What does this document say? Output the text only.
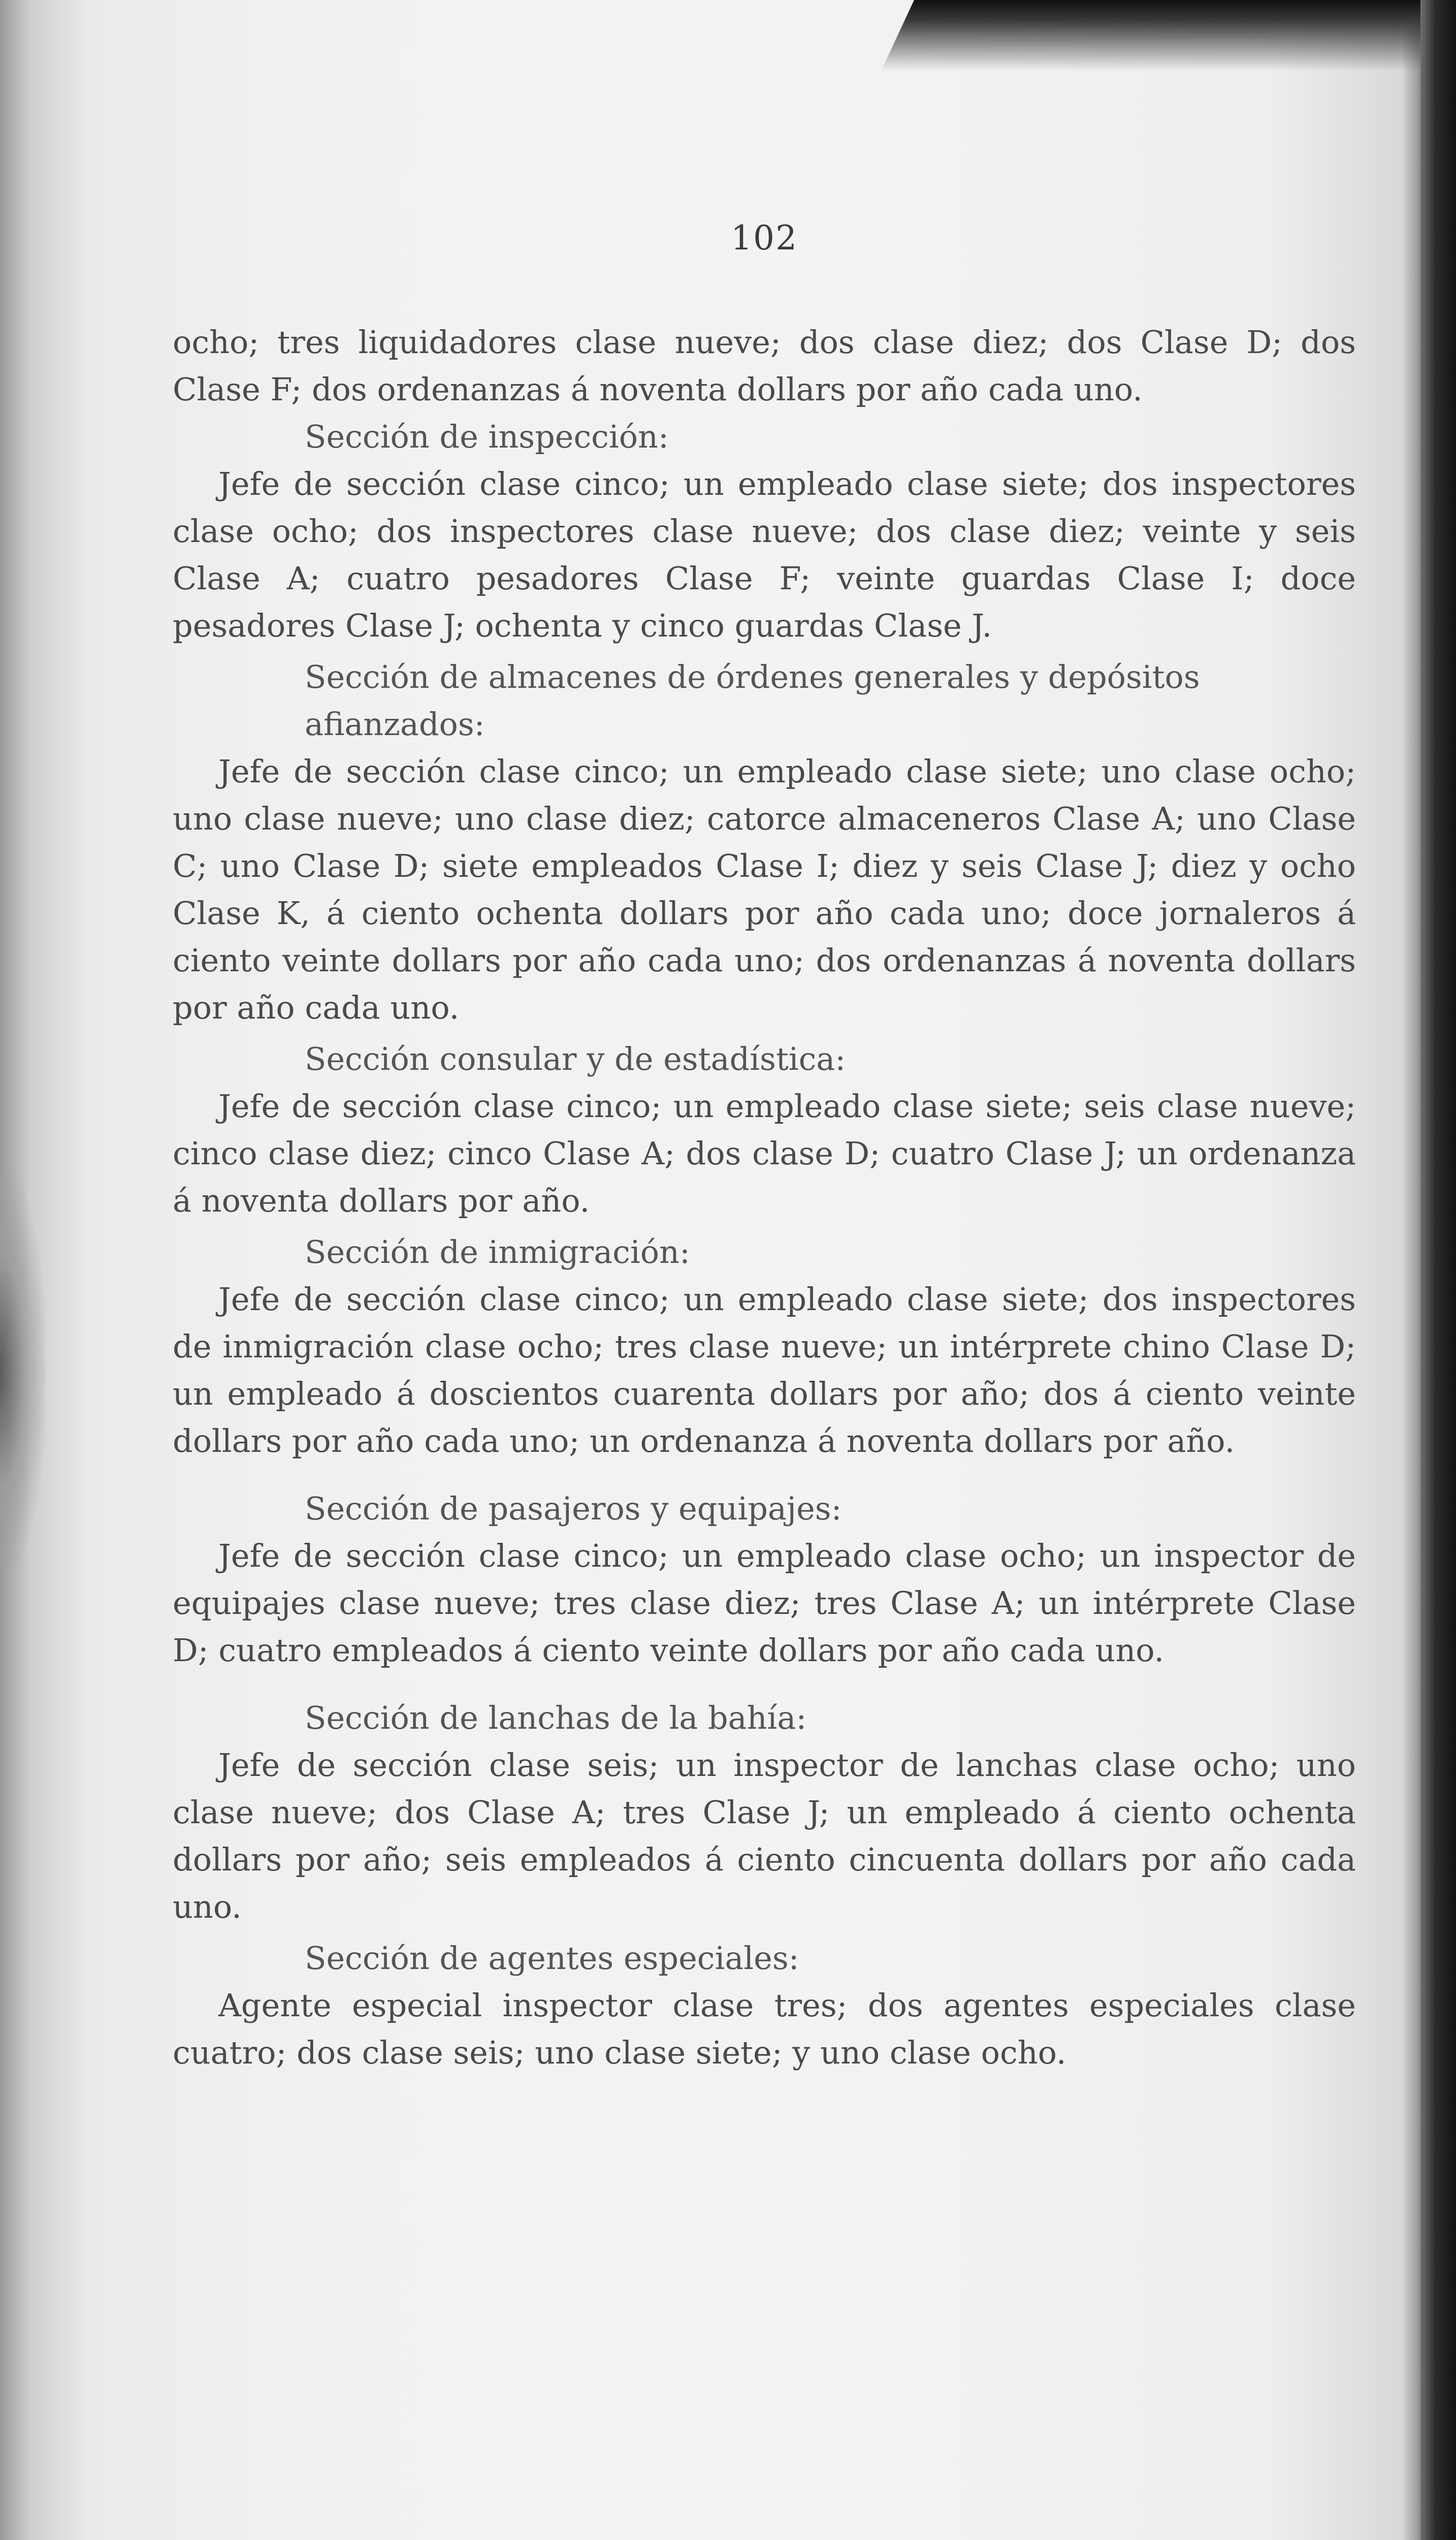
102

ocho; tres liquidadores clase nueve; dos clase diez; dos Clase D; dos Clase F; dos ordenanzas á noventa dollars por año cada uno.

Sección de inspección:

Jefe de sección clase cinco; un empleado clase siete; dos inspectores clase ocho; dos inspectores clase nueve; dos clase diez; veinte y seis Clase A; cuatro pesadores Clase F; veinte guardas Clase I; doce pesadores Clase J; ochenta y cinco guardas Clase J.

Sección de almacenes de órdenes generales y depósitos afianzados:

Jefe de sección clase cinco; un empleado clase siete; uno clase ocho; uno clase nueve; uno clase diez; catorce almaceneros Clase A; uno Clase C; uno Clase D; siete empleados Clase I; diez y seis Clase J; diez y ocho Clase K, á ciento ochenta dollars por año cada uno; doce jornaleros á ciento veinte dollars por año cada uno; dos ordenanzas á noventa dollars por año cada uno.

Sección consular y de estadística:

Jefe de sección clase cinco; un empleado clase siete; seis clase nueve; cinco clase diez; cinco Clase A; dos clase D; cuatro Clase J; un ordenanza á noventa dollars por año.

Sección de inmigración:

Jefe de sección clase cinco; un empleado clase siete; dos inspectores de inmigración clase ocho; tres clase nueve; un intérprete chino Clase D; un empleado á doscientos cuarenta dollars por año; dos á ciento veinte dollars por año cada uno; un ordenanza á noventa dollars por año.

Sección de pasajeros y equipajes:

Jefe de sección clase cinco; un empleado clase ocho; un inspector de equipajes clase nueve; tres clase diez; tres Clase A; un intérprete Clase D; cuatro empleados á ciento veinte dollars por año cada uno.

Sección de lanchas de la bahía:

Jefe de sección clase seis; un inspector de lanchas clase ocho; uno clase nueve; dos Clase A; tres Clase J; un empleado á ciento ochenta dollars por año; seis empleados á ciento cincuenta dollars por año cada uno.

Sección de agentes especiales:

Agente especial inspector clase tres; dos agentes especiales clase cuatro; dos clase seis; uno clase siete; y uno clase ocho.
